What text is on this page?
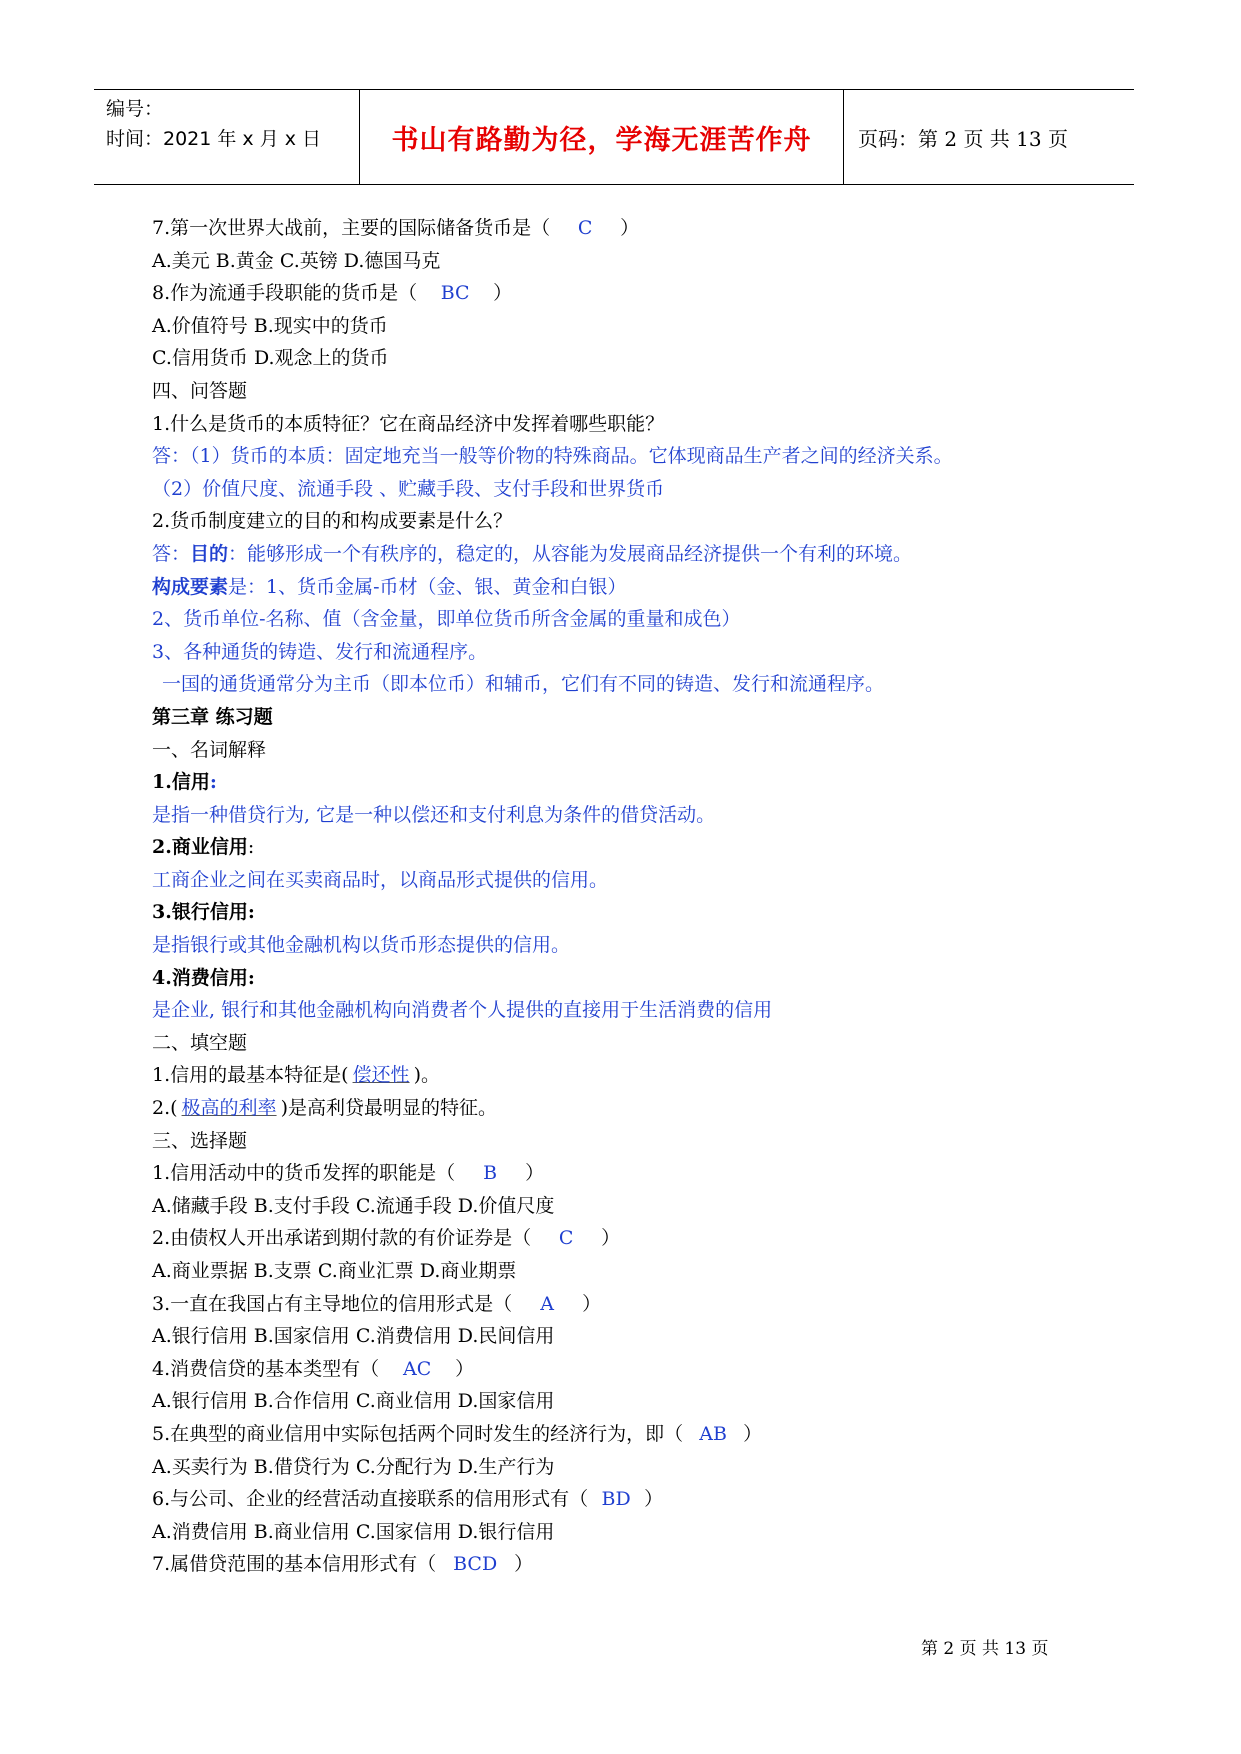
编号：
时间：2021 年 x 月 x 日	书山有路勤为径，学海无涯苦作舟	页码：第 2 页 共 13 页
7.第一次世界大战前，主要的国际储备货币是（ C ）
A.美元 B.黄金 C.英镑 D.德国马克
8.作为流通手段职能的货币是（ BC ）
A.价值符号 B.现实中的货币
C.信用货币 D.观念上的货币
四、问答题
1.什么是货币的本质特征？它在商品经济中发挥着哪些职能？
答：（1）货币的本质：固定地充当一般等价物的特殊商品。它体现商品生产者之间的经济关系。
（2）价值尺度、流通手段 、贮藏手段、支付手段和世界货币
2.货币制度建立的目的和构成要素是什么？
答：目的：能够形成一个有秩序的，稳定的，从容能为发展商品经济提供一个有利的环境。
构成要素是：1、货币金属-币材（金、银、黄金和白银）
2、货币单位-名称、值（含金量，即单位货币所含金属的重量和成色）
3、各种通货的铸造、发行和流通程序。
一国的通货通常分为主币（即本位币）和辅币，它们有不同的铸造、发行和流通程序。
第三章 练习题
一、名词解释
1.信用:
是指一种借贷行为, 它是一种以偿还和支付利息为条件的借贷活动。
2.商业信用:
工商企业之间在买卖商品时，以商品形式提供的信用。
3.银行信用:
是指银行或其他金融机构以货币形态提供的信用。
4.消费信用:
是企业, 银行和其他金融机构向消费者个人提供的直接用于生活消费的信用
二、填空题
1.信用的最基本特征是( 偿还性 )。
2.( 极高的利率 )是高利贷最明显的特征。
三、选择题
1.信用活动中的货币发挥的职能是（ B ）
A.储藏手段 B.支付手段 C.流通手段 D.价值尺度
2.由债权人开出承诺到期付款的有价证券是（ C ）
A.商业票据 B.支票 C.商业汇票 D.商业期票
3.一直在我国占有主导地位的信用形式是（ A ）
A.银行信用 B.国家信用 C.消费信用 D.民间信用
4.消费信贷的基本类型有（ AC ）
A.银行信用 B.合作信用 C.商业信用 D.国家信用
5.在典型的商业信用中实际包括两个同时发生的经济行为，即（ AB ）
A.买卖行为 B.借贷行为 C.分配行为 D.生产行为
6.与公司、企业的经营活动直接联系的信用形式有（ BD ）
A.消费信用 B.商业信用 C.国家信用 D.银行信用
7.属借贷范围的基本信用形式有（ BCD ）
第 2 页 共 13 页
